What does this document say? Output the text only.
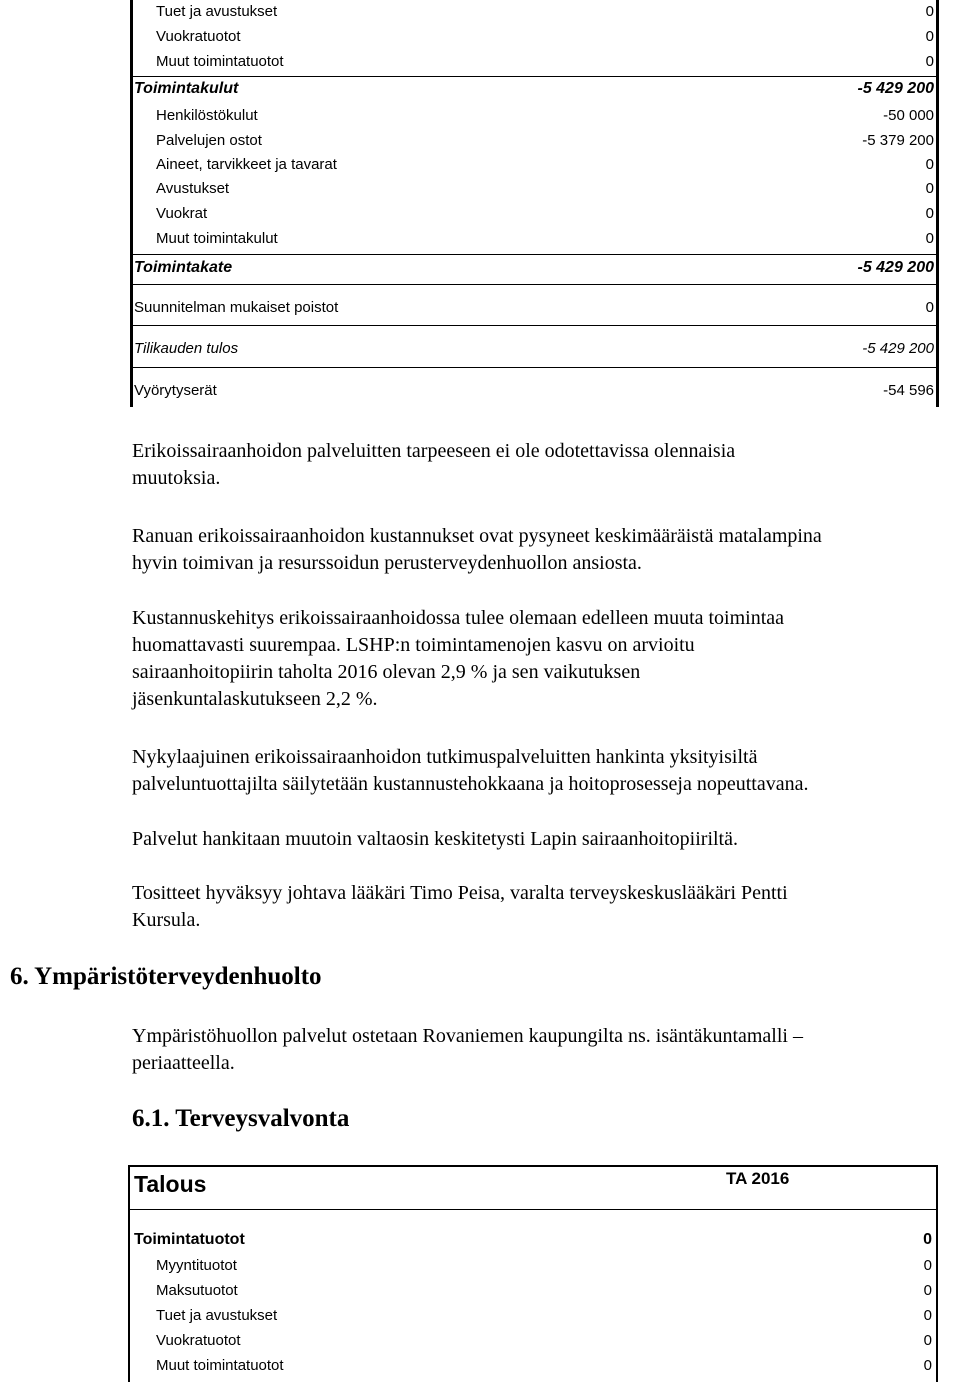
Tuet ja avustukset	0
Vuokratuotot	0
Muut toimintatuotot	0
Toimintakulut	-5 429 200
Henkilöstökulut	-50 000
Palvelujen ostot	-5 379 200
Aineet, tarvikkeet ja tavarat	0
Avustukset	0
Vuokrat	0
Muut toimintakulut	0
Toimintakate	-5 429 200
Suunnitelman mukaiset poistot	0
Tilikauden tulos	-5 429 200
Vyörytyserät	-54 596
Erikoissairaanhoidon palveluitten tarpeeseen ei ole odotettavissa olennaisia
muutoksia.
Ranuan erikoissairaanhoidon kustannukset ovat pysyneet keskimääräistä matalampina
hyvin toimivan ja resurssoidun perusterveydenhuollon ansiosta.
Kustannuskehitys erikoissairaanhoidossa tulee olemaan edelleen muuta toimintaa
huomattavasti suurempaa. LSHP:n toimintamenojen kasvu on arvioitu
sairaanhoitopiirin taholta 2016 olevan 2,9 % ja sen vaikutuksen
jäsenkuntalaskutukseen 2,2 %.
Nykylaajuinen erikoissairaanhoidon tutkimuspalveluitten hankinta yksityisiltä
palveluntuottajilta säilytetään kustannustehokkaana ja hoitoprosesseja nopeuttavana.
Palvelut hankitaan muutoin valtaosin keskitetysti Lapin sairaanhoitopiiriltä.
Tositteet hyväksyy johtava lääkäri Timo Peisa, varalta terveyskeskuslääkäri Pentti
Kursula.
6. Ympäristöterveydenhuolto
Ympäristöhuollon palvelut ostetaan Rovaniemen kaupungilta ns. isäntäkuntamalli –
periaatteella.
6.1. Terveysvalvonta
Talous	TA 2016
Toimintatuotot	0
Myyntituotot	0
Maksutuotot	0
Tuet ja avustukset	0
Vuokratuotot	0
Muut toimintatuotot	0
